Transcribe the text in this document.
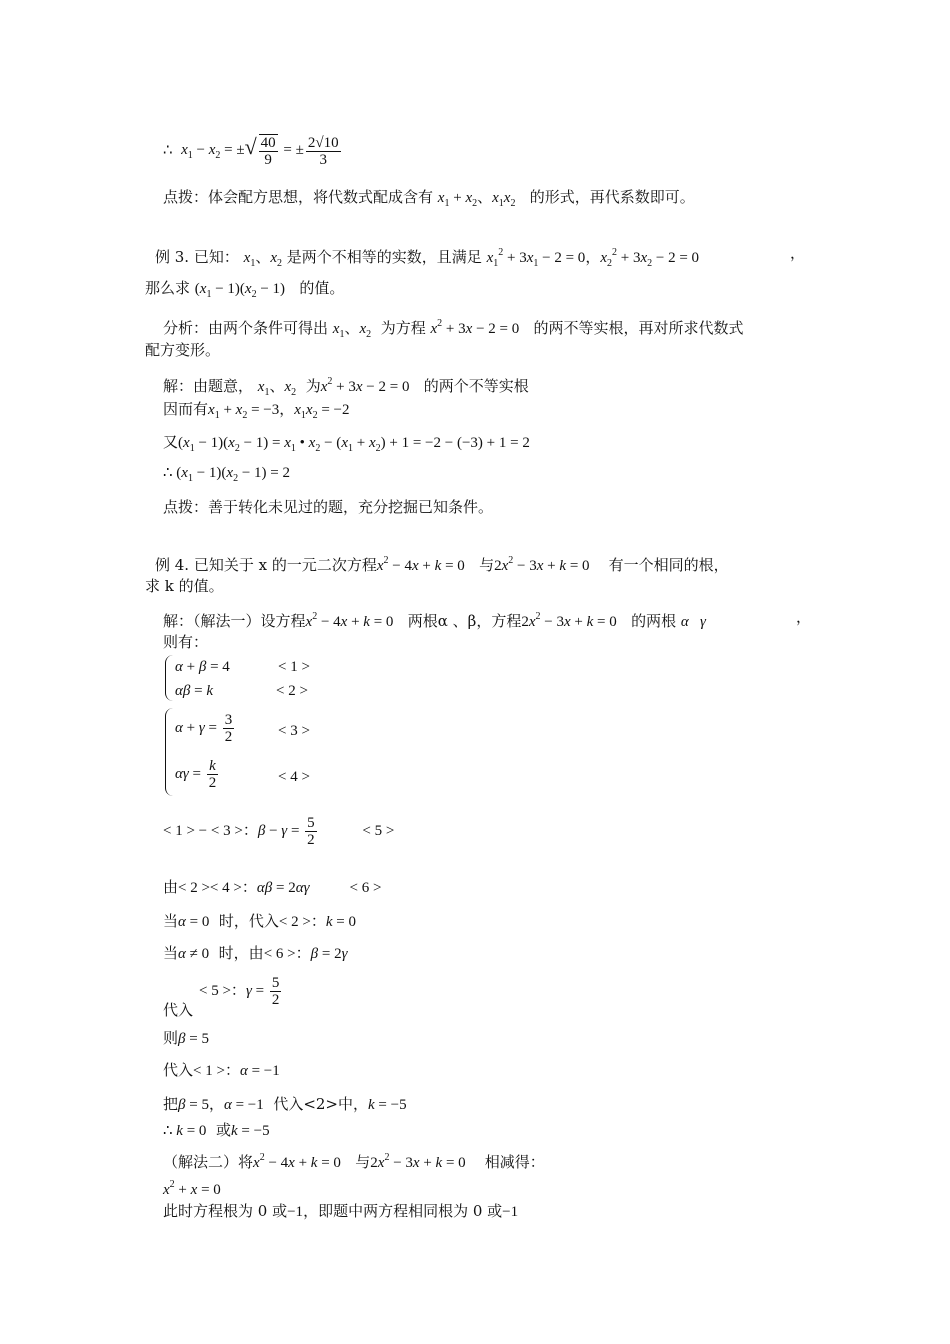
∴ $x_1 - x_2$ = ±√ $\frac{40}{9}$ = ± $\frac{2√10}{3}$
点拨：体会配方思想，将代数式配成含有 $x_1 + x_2$、$x_1x_2$ 的形式，再代系数即可。
例 3. 已知： $x_1$、$x_2$ 是两个不相等的实数，且满足 $x_1^2 + 3x_1 - 2 = 0$，$x_2^2 + 3x_2 - 2 = 0$	，
那么求 $(x_1 - 1)(x_2 - 1)$ 的值。
分析：由两个条件可得出 $x_1$、$x_2$ 为方程 $x^2 + 3x - 2 = 0$ 的两不等实根，再对所求代数式
配方变形。
解：由题意， $x_1$、$x_2$ 为$x^2 + 3x - 2 = 0$ 的两个不等实根
因而有$x_1 + x_2 = -3$，$x_1x_2 = -2$
又$(x_1 - 1)(x_2 - 1) = x_1$ • $x_2 - (x_1 + x_2) + 1 = -2 - (-3) + 1 = 2$
∴ $(x_1 - 1)(x_2 - 1) = 2$
点拨：善于转化未见过的题，充分挖掘已知条件。
例 4. 已知关于 x 的一元二次方程$x^2 - 4x + k = 0$ 与$2x^2 - 3x + k = 0$ 有一个相同的根，
求 k 的值。
解：（解法一）设方程$x^2 - 4x + k = 0$ 两根α 、β，方程$2x^2 - 3x + k = 0$ 的两根 α γ	，
则有：
α + β = 4	< 1 >
αβ = k	< 2 >
$\alpha + \gamma = \frac{3}{2}$	< 3 >
$\alpha\gamma = \frac{k}{2}$	< 4 >
< 1 > − < 3 >：$\beta - \gamma = \frac{5}{2}$	< 5 >
由< 2 >< 4 >：αβ = 2αγ	< 6 >
当α = 0 时，代入< 2 >：k = 0
当α ≠ 0 时，由< 6 >：β = 2γ
< 5 >：$\gamma = \frac{5}{2}$
代入
则β = 5
代入< 1 >：α = −1
把β = 5，α = −1 代入<2>中，k = −5
∴ k = 0 或k = −5
（解法二）将$x^2 - 4x + k = 0$ 与$2x^2 - 3x + k = 0$ 相减得：
$x^2 + x = 0$
此时方程根为 0 或−1，即题中两方程相同根为 0 或−1
